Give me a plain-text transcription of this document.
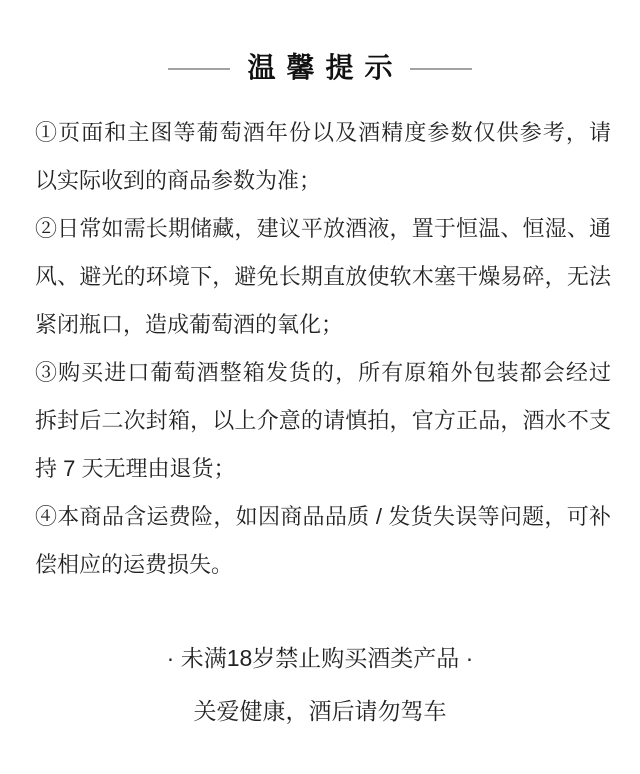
温馨提示
①页面和主图等葡萄酒年份以及酒精度参数仅供参考，请
以实际收到的商品参数为准；
②日常如需长期储藏，建议平放酒液，置于恒温、恒湿、通
风、避光的环境下，避免长期直放使软木塞干燥易碎，无法
紧闭瓶口，造成葡萄酒的氧化；
③购买进口葡萄酒整箱发货的，所有原箱外包装都会经过
拆封后二次封箱，以上介意的请慎拍，官方正品，酒水不支
持 7 天无理由退货；
④本商品含运费险，如因商品品质 / 发货失误等问题，可补
偿相应的运费损失。
· 未满18岁禁止购买酒类产品 ·
关爱健康，酒后请勿驾车
